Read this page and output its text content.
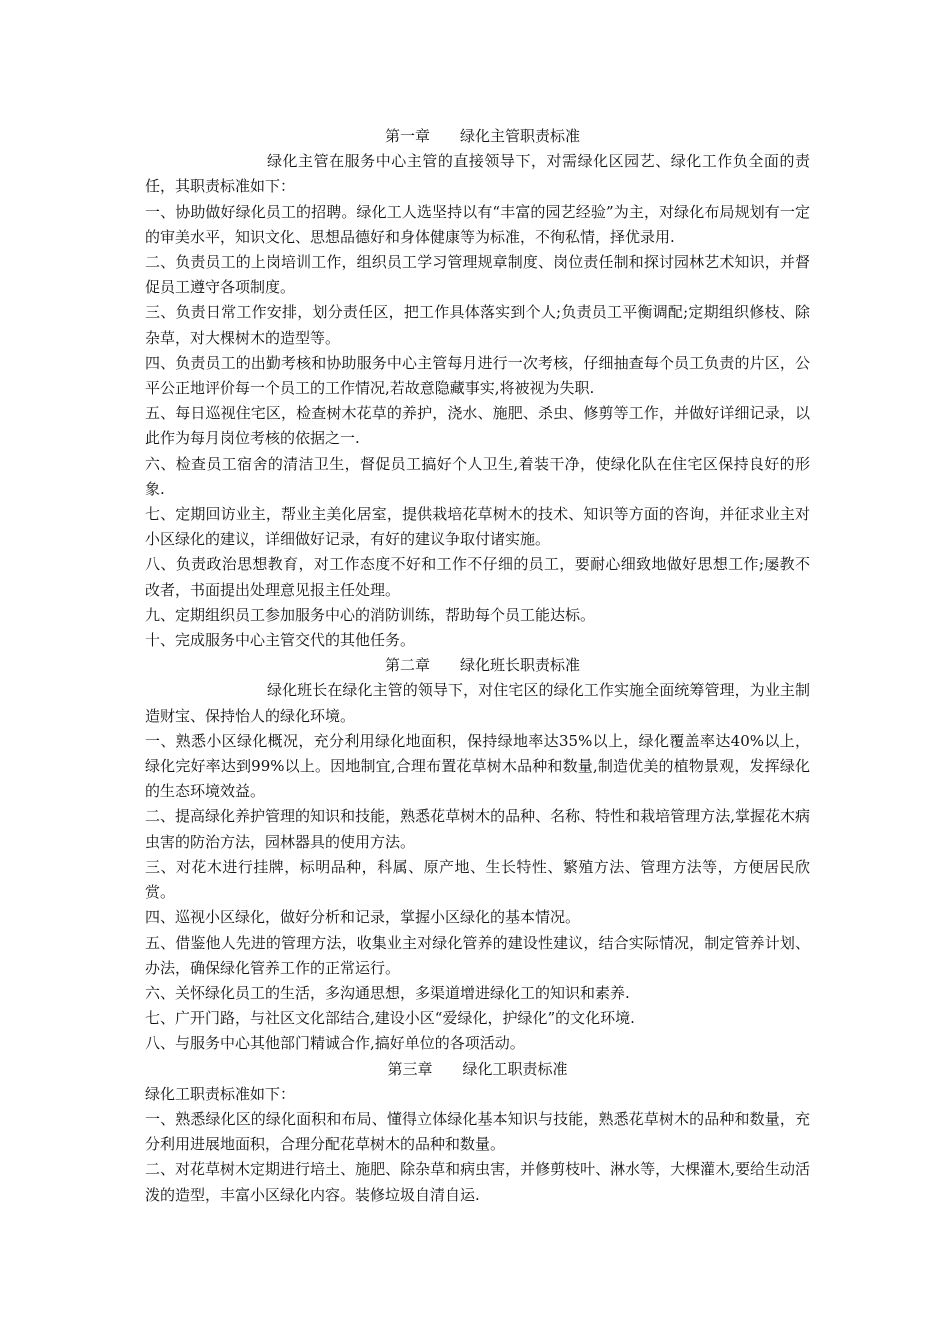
第一章　　绿化主管职责标准

绿化主管在服务中心主管的直接领导下，对需绿化区园艺、绿化工作负全面的责任，其职责标准如下：

一、协助做好绿化员工的招聘。绿化工人选坚持以有“丰富的园艺经验”为主，对绿化布局规划有一定的审美水平，知识文化、思想品德好和身体健康等为标准，不徇私情，择优录用.

二、负责员工的上岗培训工作，组织员工学习管理规章制度、岗位责任制和探讨园林艺术知识，并督促员工遵守各项制度。

三、负责日常工作安排，划分责任区，把工作具体落实到个人;负责员工平衡调配;定期组织修枝、除杂草，对大棵树木的造型等。

四、负责员工的出勤考核和协助服务中心主管每月进行一次考核，仔细抽查每个员工负责的片区，公平公正地评价每一个员工的工作情况,若故意隐藏事实,将被视为失职.

五、每日巡视住宅区，检查树木花草的养护，浇水、施肥、杀虫、修剪等工作，并做好详细记录，以此作为每月岗位考核的依据之一.

六、检查员工宿舍的清洁卫生，督促员工搞好个人卫生,着装干净，使绿化队在住宅区保持良好的形象.

七、定期回访业主，帮业主美化居室，提供栽培花草树木的技术、知识等方面的咨询，并征求业主对小区绿化的建议，详细做好记录，有好的建议争取付诸实施。

八、负责政治思想教育，对工作态度不好和工作不仔细的员工，要耐心细致地做好思想工作;屡教不改者，书面提出处理意见报主任处理。

九、定期组织员工参加服务中心的消防训练，帮助每个员工能达标。

十、完成服务中心主管交代的其他任务。

第二章　　绿化班长职责标准

绿化班长在绿化主管的领导下，对住宅区的绿化工作实施全面统筹管理，为业主制造财宝、保持怡人的绿化环境。

一、熟悉小区绿化概况，充分利用绿化地面积，保持绿地率达35%以上，绿化覆盖率达40%以上，绿化完好率达到99%以上。因地制宜,合理布置花草树木品种和数量,制造优美的植物景观，发挥绿化的生态环境效益。

二、提高绿化养护管理的知识和技能，熟悉花草树木的品种、名称、特性和栽培管理方法,掌握花木病虫害的防治方法，园林器具的使用方法。

三、对花木进行挂牌，标明品种，科属、原产地、生长特性、繁殖方法、管理方法等，方便居民欣赏。

四、巡视小区绿化，做好分析和记录，掌握小区绿化的基本情况。

五、借鉴他人先进的管理方法，收集业主对绿化管养的建设性建议，结合实际情况，制定管养计划、办法，确保绿化管养工作的正常运行。

六、关怀绿化员工的生活，多沟通思想，多渠道增进绿化工的知识和素养.

七、广开门路，与社区文化部结合,建设小区“爱绿化，护绿化”的文化环境.

八、与服务中心其他部门精诚合作,搞好单位的各项活动。

第三章　　绿化工职责标准

绿化工职责标准如下：

一、熟悉绿化区的绿化面积和布局、懂得立体绿化基本知识与技能，熟悉花草树木的品种和数量，充分利用进展地面积，合理分配花草树木的品种和数量。

二、对花草树木定期进行培土、施肥、除杂草和病虫害，并修剪枝叶、淋水等，大棵灌木,要给生动活泼的造型，丰富小区绿化内容。装修垃圾自清自运.
